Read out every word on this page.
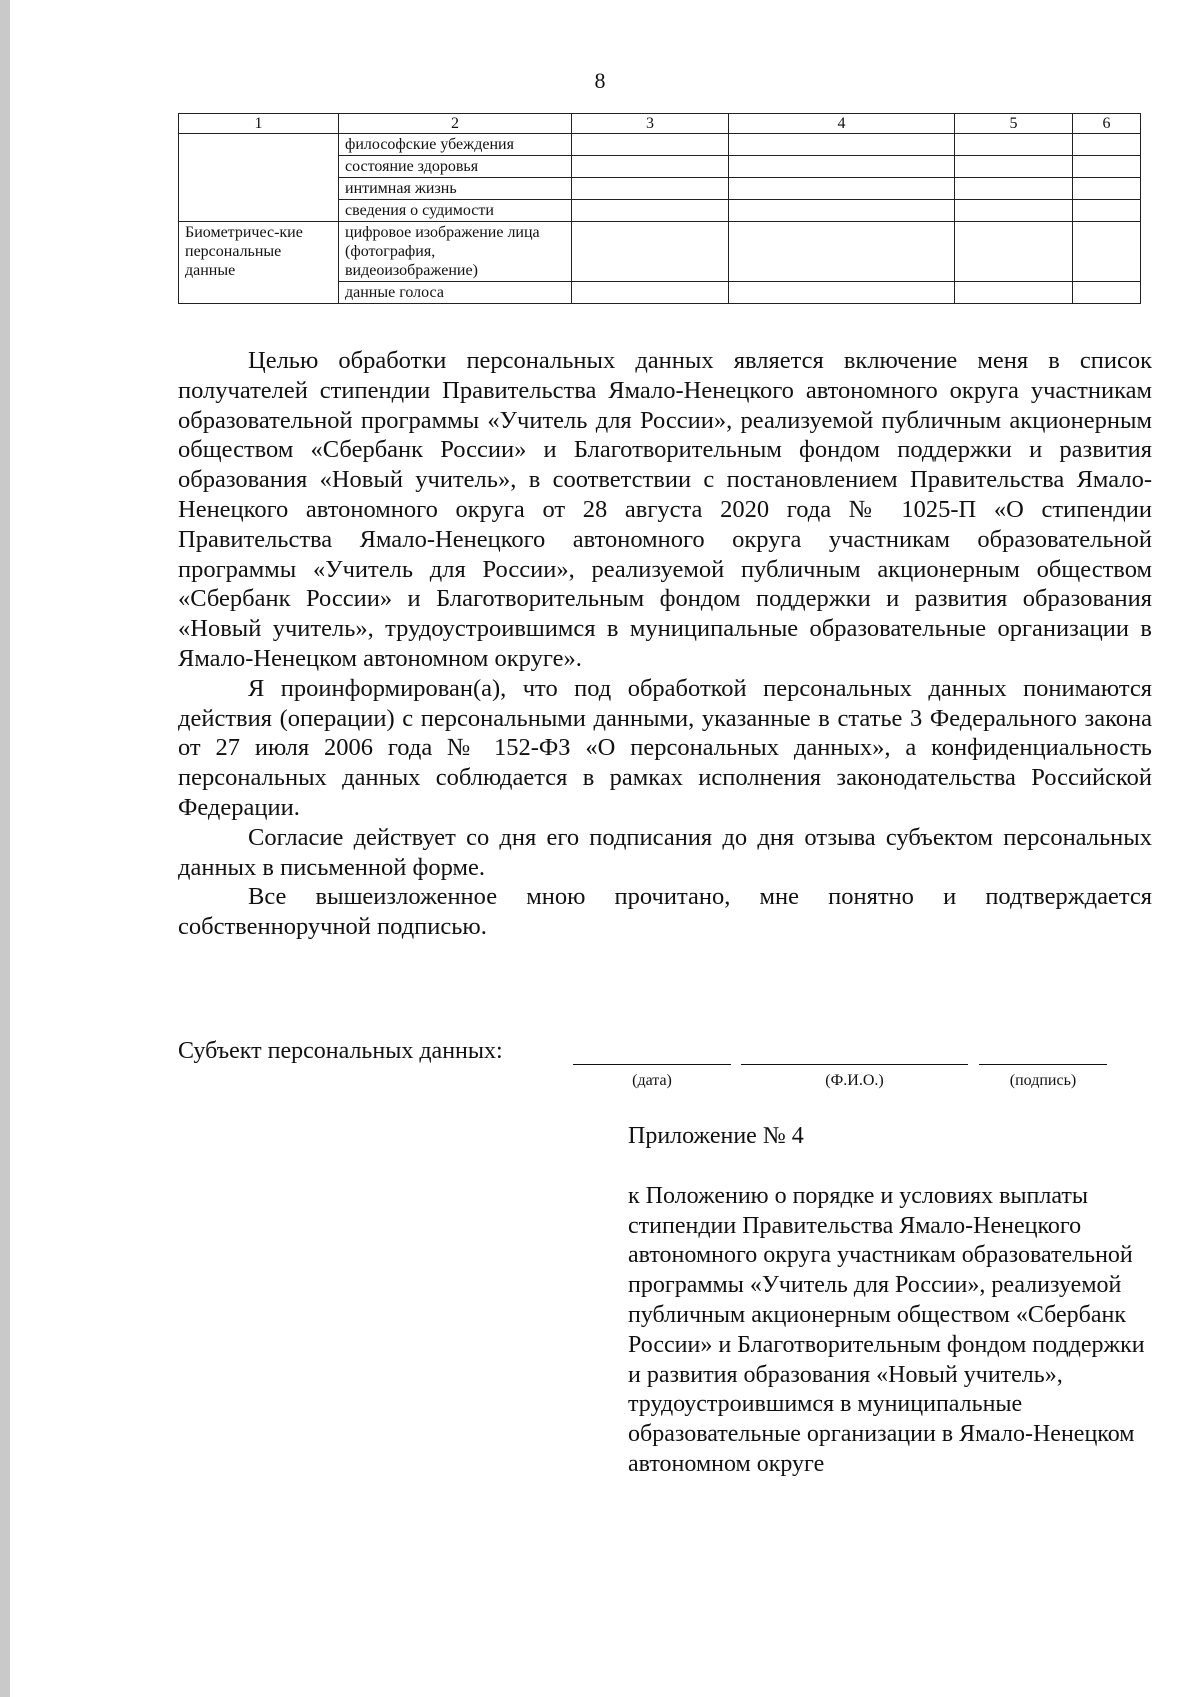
8
1	2	3	4	5	6
	философские убеждения				
	состояние здоровья				
	интимная жизнь				
	сведения о судимости				
Биометричес-кие персональные данные	цифровое изображение лица (фотография, видеоизображение)				
	данные голоса				

Целью обработки персональных данных является включение меня в список получателей стипендии Правительства Ямало-Ненецкого автономного округа участникам образовательной программы «Учитель для России», реализуемой публичным акционерным обществом «Сбербанк России» и Благотворительным фондом поддержки и развития образования «Новый учитель», в соответствии с постановлением Правительства Ямало-Ненецкого автономного округа от 28 августа 2020 года № 1025-П «О стипендии Правительства Ямало-Ненецкого автономного округа участникам образовательной программы «Учитель для России», реализуемой публичным акционерным обществом «Сбербанк России» и Благотворительным фондом поддержки и развития образования «Новый учитель», трудоустроившимся в муниципальные образовательные организации в Ямало-Ненецком автономном округе».

Я проинформирован(а), что под обработкой персональных данных понимаются действия (операции) с персональными данными, указанные в статье 3 Федерального закона от 27 июля 2006 года № 152-ФЗ «О персональных данных», а конфиденциальность персональных данных соблюдается в рамках исполнения законодательства Российской Федерации.

Согласие действует со дня его подписания до дня отзыва субъектом персональных данных в письменной форме.

Все вышеизложенное мною прочитано, мне понятно и подтверждается собственноручной подписью.

Субъект персональных данных:
(дата)	(Ф.И.О.)	(подпись)

Приложение № 4

к Положению о порядке и условиях выплаты стипендии Правительства Ямало-Ненецкого автономного округа участникам образовательной программы «Учитель для России», реализуемой публичным акционерным обществом «Сбербанк России» и Благотворительным фондом поддержки и развития образования «Новый учитель», трудоустроившимся в муниципальные образовательные организации в Ямало-Ненецком автономном округе
